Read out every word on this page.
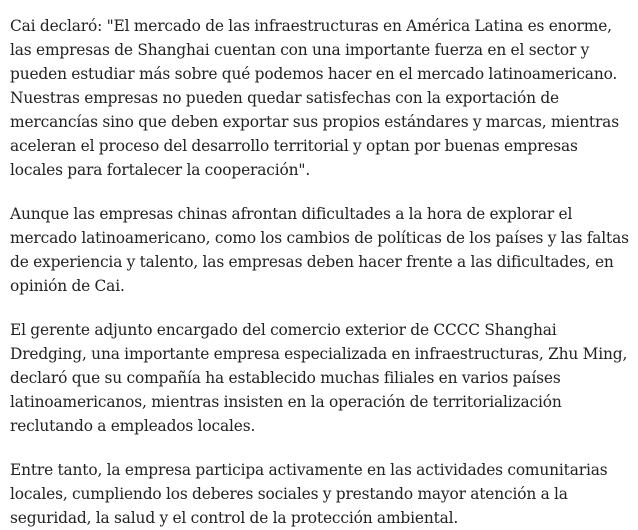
Cai declaró: "El mercado de las infraestructuras en América Latina es enorme, las empresas de Shanghai cuentan con una importante fuerza en el sector y pueden estudiar más sobre qué podemos hacer en el mercado latinoamericano. Nuestras empresas no pueden quedar satisfechas con la exportación de mercancías sino que deben exportar sus propios estándares y marcas, mientras aceleran el proceso del desarrollo territorial y optan por buenas empresas locales para fortalecer la cooperación".

Aunque las empresas chinas afrontan dificultades a la hora de explorar el mercado latinoamericano, como los cambios de políticas de los países y las faltas de experiencia y talento, las empresas deben hacer frente a las dificultades, en opinión de Cai.

El gerente adjunto encargado del comercio exterior de CCCC Shanghai Dredging, una importante empresa especializada en infraestructuras, Zhu Ming, declaró que su compañía ha establecido muchas filiales en varios países latinoamericanos, mientras insisten en la operación de territorialización reclutando a empleados locales.

Entre tanto, la empresa participa activamente en las actividades comunitarias locales, cumpliendo los deberes sociales y prestando mayor atención a la seguridad, la salud y el control de la protección ambiental.
